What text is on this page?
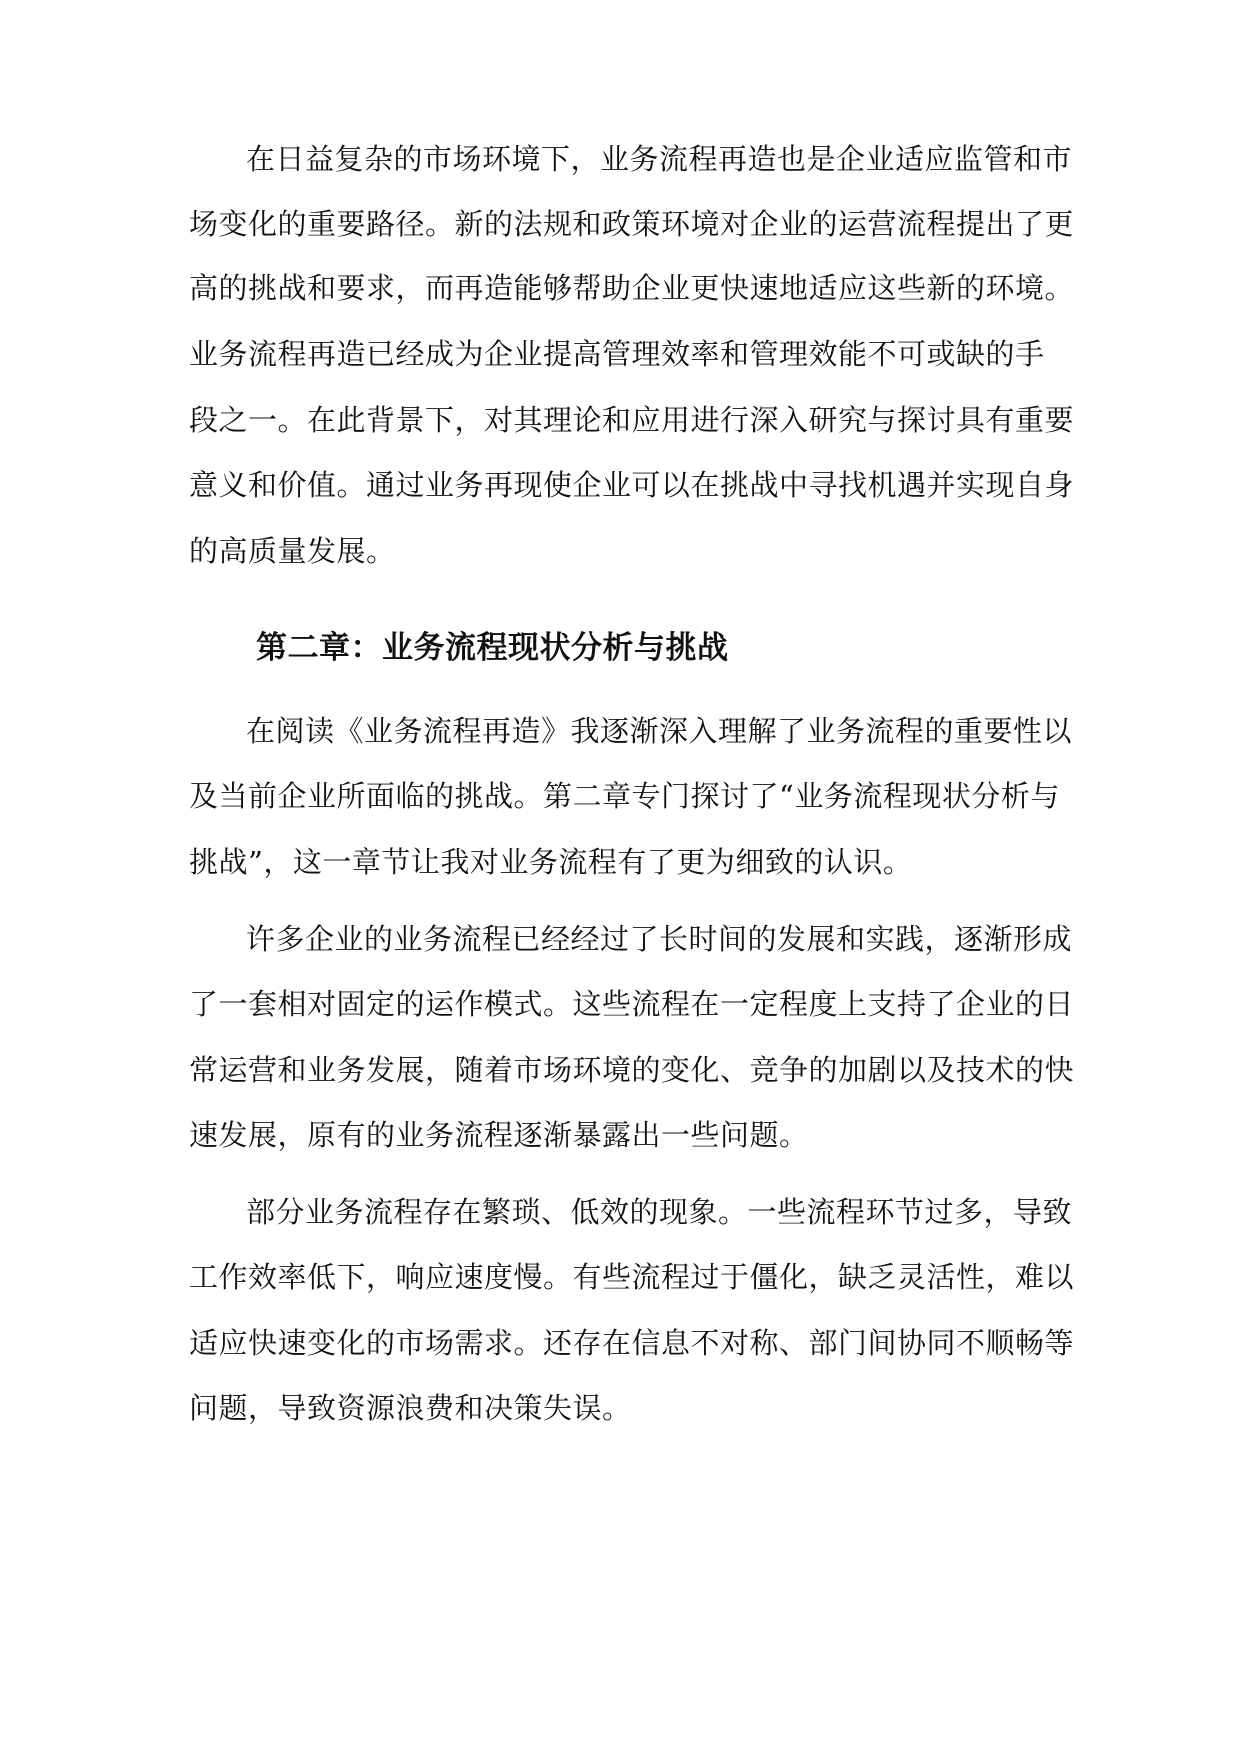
在日益复杂的市场环境下，业务流程再造也是企业适应监管和市
场变化的重要路径。新的法规和政策环境对企业的运营流程提出了更
高的挑战和要求，而再造能够帮助企业更快速地适应这些新的环境。
业务流程再造已经成为企业提高管理效率和管理效能不可或缺的手
段之一。在此背景下，对其理论和应用进行深入研究与探讨具有重要
意义和价值。通过业务再现使企业可以在挑战中寻找机遇并实现自身
的高质量发展。
第二章：业务流程现状分析与挑战
在阅读《业务流程再造》我逐渐深入理解了业务流程的重要性以
及当前企业所面临的挑战。第二章专门探讨了“业务流程现状分析与
挑战”，这一章节让我对业务流程有了更为细致的认识。
许多企业的业务流程已经经过了长时间的发展和实践，逐渐形成
了一套相对固定的运作模式。这些流程在一定程度上支持了企业的日
常运营和业务发展，随着市场环境的变化、竞争的加剧以及技术的快
速发展，原有的业务流程逐渐暴露出一些问题。
部分业务流程存在繁琐、低效的现象。一些流程环节过多，导致
工作效率低下，响应速度慢。有些流程过于僵化，缺乏灵活性，难以
适应快速变化的市场需求。还存在信息不对称、部门间协同不顺畅等
问题，导致资源浪费和决策失误。
